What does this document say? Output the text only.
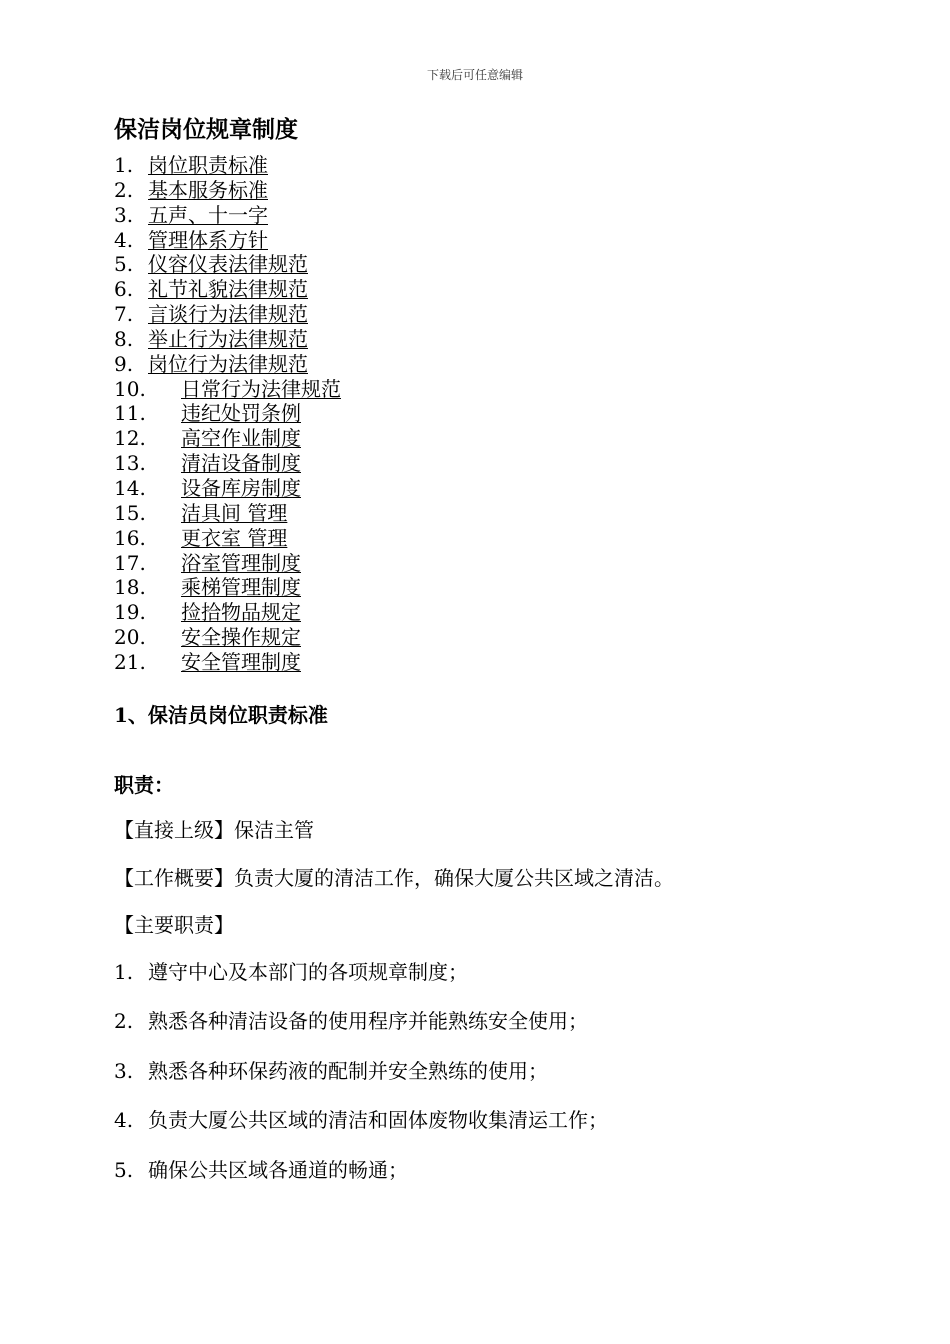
下载后可任意编辑
保洁岗位规章制度
1. 岗位职责标准
2. 基本服务标准
3. 五声、十一字
4. 管理体系方针
5. 仪容仪表法律规范
6. 礼节礼貌法律规范
7. 言谈行为法律规范
8. 举止行为法律规范
9. 岗位行为法律规范
10.	日常行为法律规范
11.	违纪处罚条例
12.	高空作业制度
13.	清洁设备制度
14.	设备库房制度
15.	洁具间 管理
16.	更衣室 管理
17.	浴室管理制度
18.	乘梯管理制度
19.	捡拾物品规定
20.	安全操作规定
21.	安全管理制度
1、保洁员岗位职责标准
职责：

【直接上级】保洁主管

【工作概要】负责大厦的清洁工作，确保大厦公共区域之清洁。

【主要职责】

1. 遵守中心及本部门的各项规章制度；

2. 熟悉各种清洁设备的使用程序并能熟练安全使用；

3. 熟悉各种环保药液的配制并安全熟练的使用；

4. 负责大厦公共区域的清洁和固体废物收集清运工作；

5. 确保公共区域各通道的畅通；
